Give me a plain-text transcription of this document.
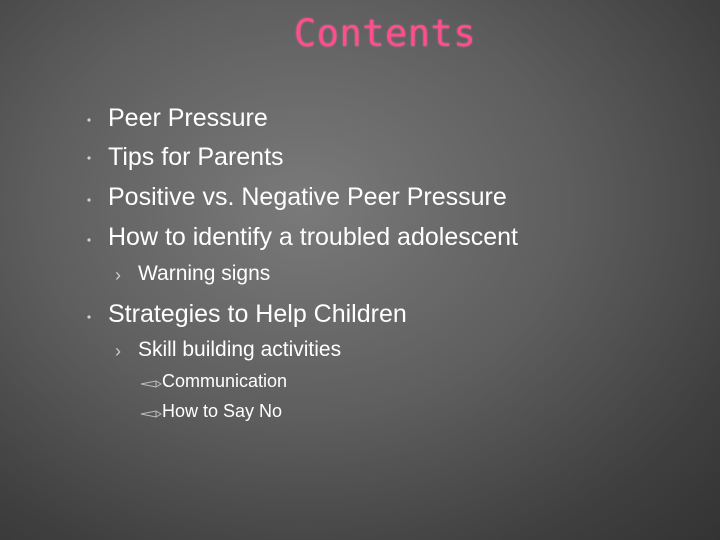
Contents
Peer Pressure
Tips for Parents
Positive vs. Negative Peer Pressure
How to identify a troubled adolescent
› Warning signs
Strategies to Help Children
› Skill building activities
Communication
How to Say No
